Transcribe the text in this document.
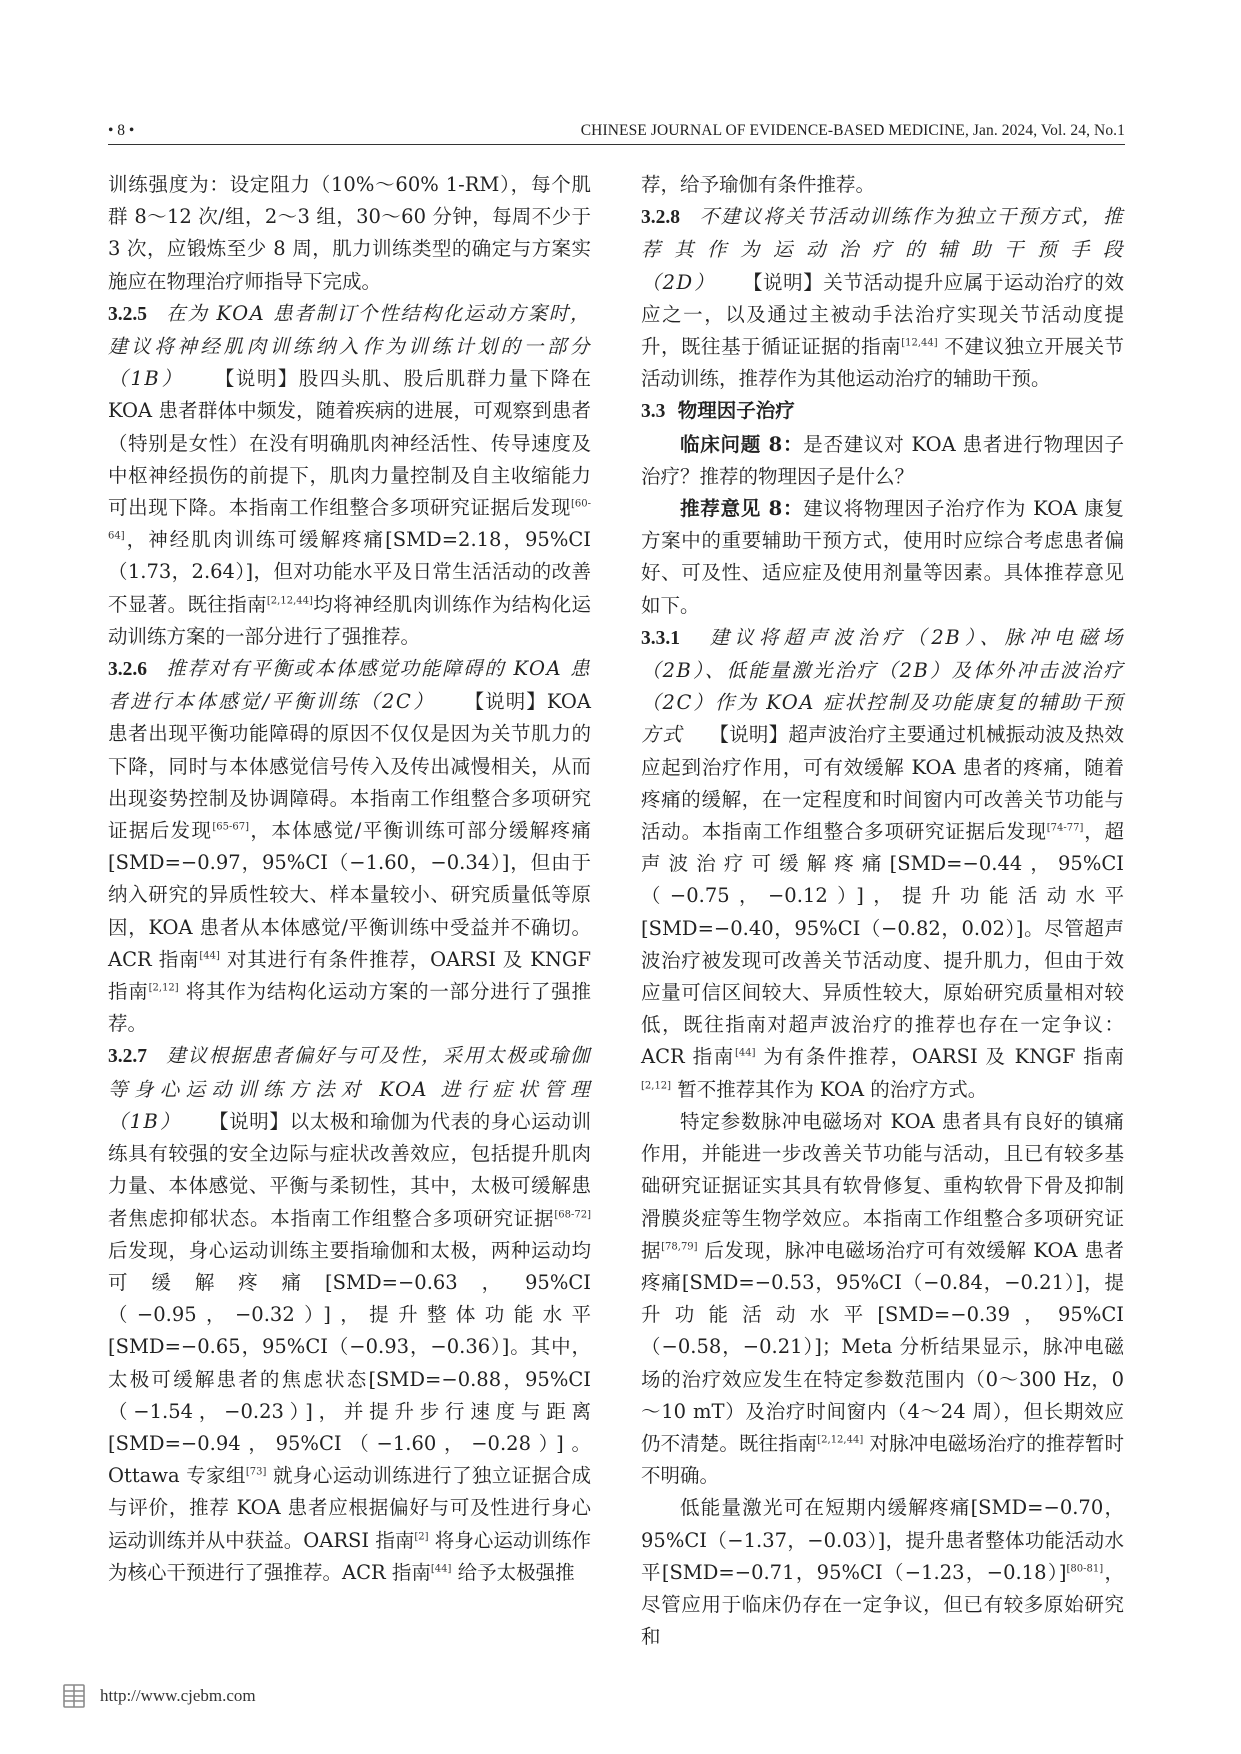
• 8 •	CHINESE JOURNAL OF EVIDENCE-BASED MEDICINE, Jan. 2024, Vol. 24, No.1

训练强度为：设定阻力（10%～60% 1-RM），每个肌群 8～12 次/组，2～3 组，30～60 分钟，每周不少于 3 次，应锻炼至少 8 周，肌力训练类型的确定与方案实施应在物理治疗师指导下完成。

3.2.5 在为 KOA 患者制订个性结构化运动方案时，建议将神经肌肉训练纳入作为训练计划的一部分（1B） 【说明】股四头肌、股后肌群力量下降在 KOA 患者群体中频发，随着疾病的进展，可观察到患者（特别是女性）在没有明确肌肉神经活性、传导速度及中枢神经损伤的前提下，肌肉力量控制及自主收缩能力可出现下降。本指南工作组整合多项研究证据后发现[60-64]，神经肌肉训练可缓解疼痛[SMD=2.18，95%CI（1.73，2.64）]，但对功能水平及日常生活活动的改善不显著。既往指南[2,12,44]均将神经肌肉训练作为结构化运动训练方案的一部分进行了强推荐。

3.2.6 推荐对有平衡或本体感觉功能障碍的 KOA 患者进行本体感觉/平衡训练（2C） 【说明】KOA 患者出现平衡功能障碍的原因不仅仅是因为关节肌力的下降，同时与本体感觉信号传入及传出减慢相关，从而出现姿势控制及协调障碍。本指南工作组整合多项研究证据后发现[65-67]，本体感觉/平衡训练可部分缓解疼痛[SMD=−0.97，95%CI（−1.60，−0.34）]，但由于纳入研究的异质性较大、样本量较小、研究质量低等原因，KOA 患者从本体感觉/平衡训练中受益并不确切。ACR 指南[44] 对其进行有条件推荐，OARSI 及 KNGF 指南[2,12] 将其作为结构化运动方案的一部分进行了强推荐。

3.2.7 建议根据患者偏好与可及性，采用太极或瑜伽等身心运动训练方法对 KOA 进行症状管理（1B） 【说明】以太极和瑜伽为代表的身心运动训练具有较强的安全边际与症状改善效应，包括提升肌肉力量、本体感觉、平衡与柔韧性，其中，太极可缓解患者焦虑抑郁状态。本指南工作组整合多项研究证据[68-72] 后发现，身心运动训练主要指瑜伽和太极，两种运动均可缓解疼痛[SMD=−0.63，95%CI（−0.95，−0.32）]，提升整体功能水平[SMD=−0.65，95%CI（−0.93，−0.36）]。其中，太极可缓解患者的焦虑状态[SMD=−0.88，95%CI（−1.54，−0.23）]，并提升步行速度与距离[SMD=−0.94，95%CI（−1.60，−0.28）]。Ottawa 专家组[73] 就身心运动训练进行了独立证据合成与评价，推荐 KOA 患者应根据偏好与可及性进行身心运动训练并从中获益。OARSI 指南[2] 将身心运动训练作为核心干预进行了强推荐。ACR 指南[44] 给予太极强推

荐，给予瑜伽有条件推荐。

3.2.8 不建议将关节活动训练作为独立干预方式，推荐其作为运动治疗的辅助干预手段（2D） 【说明】关节活动提升应属于运动治疗的效应之一，以及通过主被动手法治疗实现关节活动度提升，既往基于循证证据的指南[12,44] 不建议独立开展关节活动训练，推荐作为其他运动治疗的辅助干预。

3.3 物理因子治疗

临床问题 8：是否建议对 KOA 患者进行物理因子治疗？推荐的物理因子是什么？

推荐意见 8：建议将物理因子治疗作为 KOA 康复方案中的重要辅助干预方式，使用时应综合考虑患者偏好、可及性、适应症及使用剂量等因素。具体推荐意见如下。

3.3.1 建议将超声波治疗（2B）、脉冲电磁场（2B）、低能量激光治疗（2B）及体外冲击波治疗（2C）作为 KOA 症状控制及功能康复的辅助干预方式 【说明】超声波治疗主要通过机械振动波及热效应起到治疗作用，可有效缓解 KOA 患者的疼痛，随着疼痛的缓解，在一定程度和时间窗内可改善关节功能与活动。本指南工作组整合多项研究证据后发现[74-77]，超声波治疗可缓解疼痛[SMD=−0.44，95%CI（−0.75，−0.12）]，提升功能活动水平[SMD=−0.40，95%CI（−0.82，0.02）]。尽管超声波治疗被发现可改善关节活动度、提升肌力，但由于效应量可信区间较大、异质性较大，原始研究质量相对较低，既往指南对超声波治疗的推荐也存在一定争议：ACR 指南[44] 为有条件推荐，OARSI 及 KNGF 指南[2,12] 暂不推荐其作为 KOA 的治疗方式。

特定参数脉冲电磁场对 KOA 患者具有良好的镇痛作用，并能进一步改善关节功能与活动，且已有较多基础研究证据证实其具有软骨修复、重构软骨下骨及抑制滑膜炎症等生物学效应。本指南工作组整合多项研究证据[78,79] 后发现，脉冲电磁场治疗可有效缓解 KOA 患者疼痛[SMD=−0.53，95%CI（−0.84，−0.21）]，提升功能活动水平[SMD=−0.39，95%CI（−0.58，−0.21）]；Meta 分析结果显示，脉冲电磁场的治疗效应发生在特定参数范围内（0～300 Hz，0～10 mT）及治疗时间窗内（4～24 周），但长期效应仍不清楚。既往指南[2,12,44] 对脉冲电磁场治疗的推荐暂时不明确。

低能量激光可在短期内缓解疼痛[SMD=−0.70，95%CI（−1.37，−0.03）]，提升患者整体功能活动水平[SMD=−0.71，95%CI（−1.23，−0.18）][80-81]，尽管应用于临床仍存在一定争议，但已有较多原始研究和

http://www.cjebm.com
